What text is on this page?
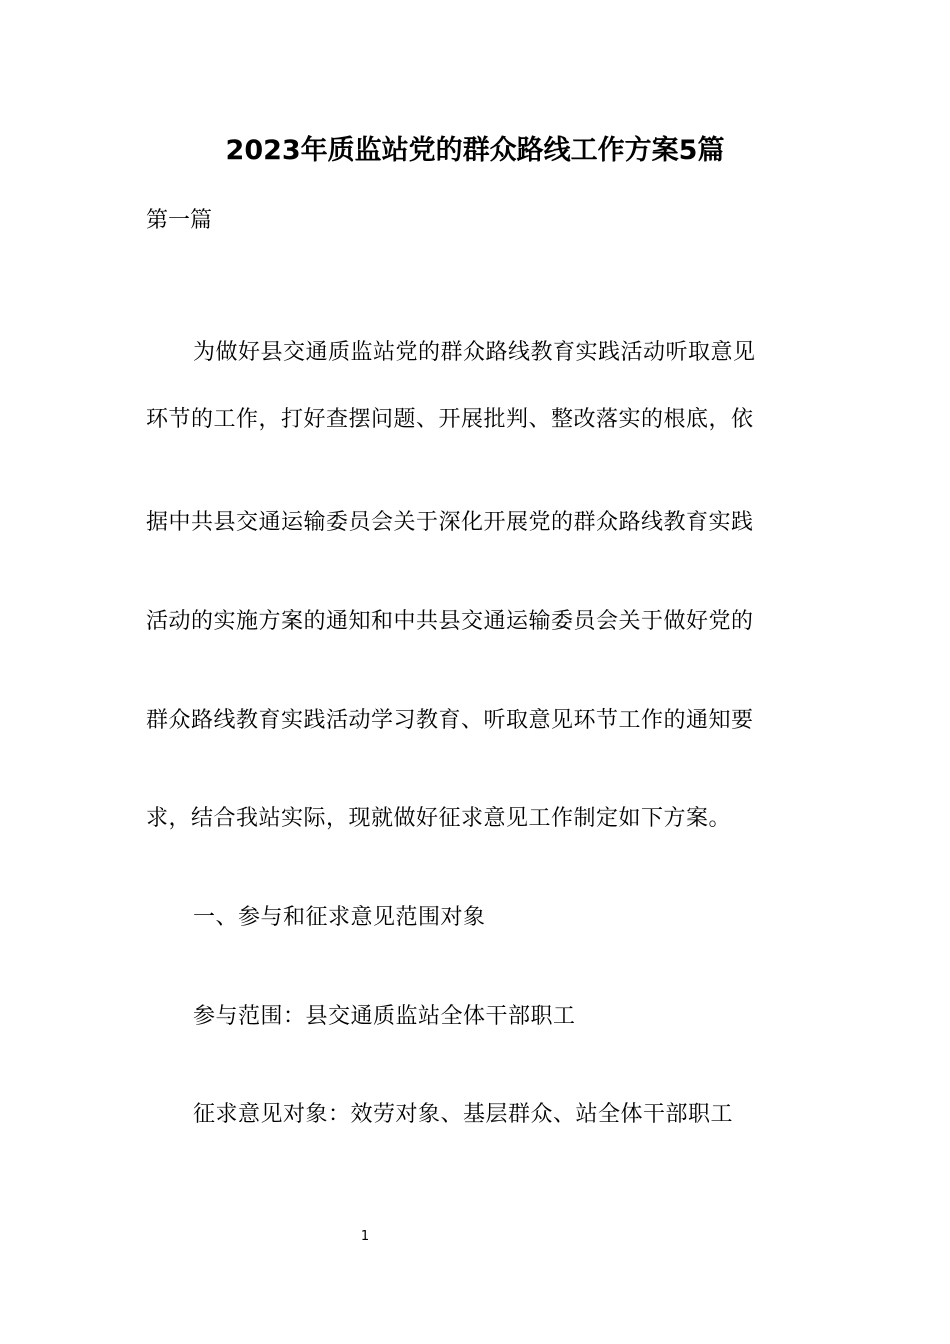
2023年质监站党的群众路线工作方案5篇

第一篇

为做好县交通质监站党的群众路线教育实践活动听取意见

环节的工作，打好查摆问题、开展批判、整改落实的根底，依

据中共县交通运输委员会关于深化开展党的群众路线教育实践

活动的实施方案的通知和中共县交通运输委员会关于做好党的

群众路线教育实践活动学习教育、听取意见环节工作的通知要

求，结合我站实际，现就做好征求意见工作制定如下方案。

一、参与和征求意见范围对象

参与范围：县交通质监站全体干部职工

征求意见对象：效劳对象、基层群众、站全体干部职工

1
